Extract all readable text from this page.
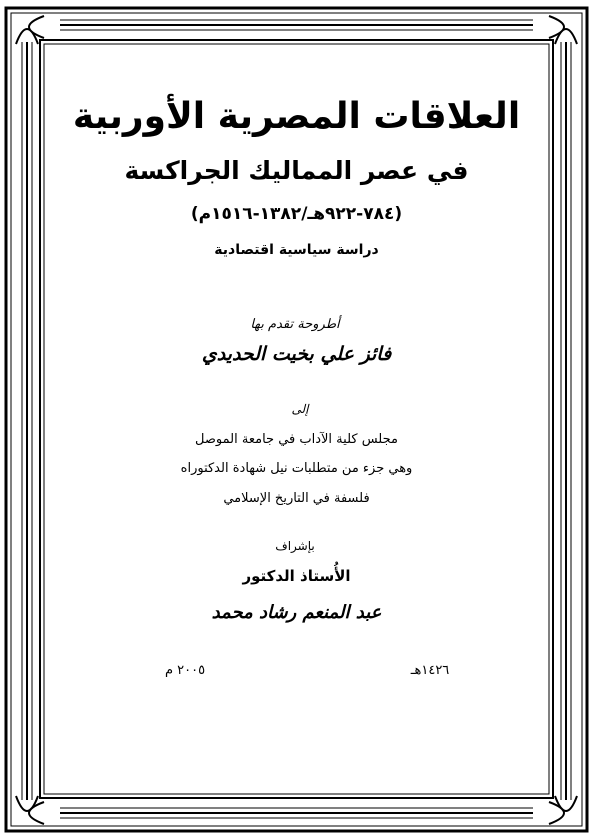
العلاقات المصرية الأوربية
في عصر المماليك الجراكسة
(٧٨٤-٩٢٢هـ/١٣٨٢-١٥١٦م)
دراسة سياسية اقتصادية
أطروحة تقدم بها
فائز علي بخيت الحديدي
إلى
مجلس كلية الآداب في جامعة الموصل
وهي جزء من متطلبات نيل شهادة الدكتوراه
فلسفة في التاريخ الإسلامي
بإشراف
الأُستاذ الدكتور
عبد المنعم رشاد محمد
١٤٢٦هـ
٢٠٠٥ م
